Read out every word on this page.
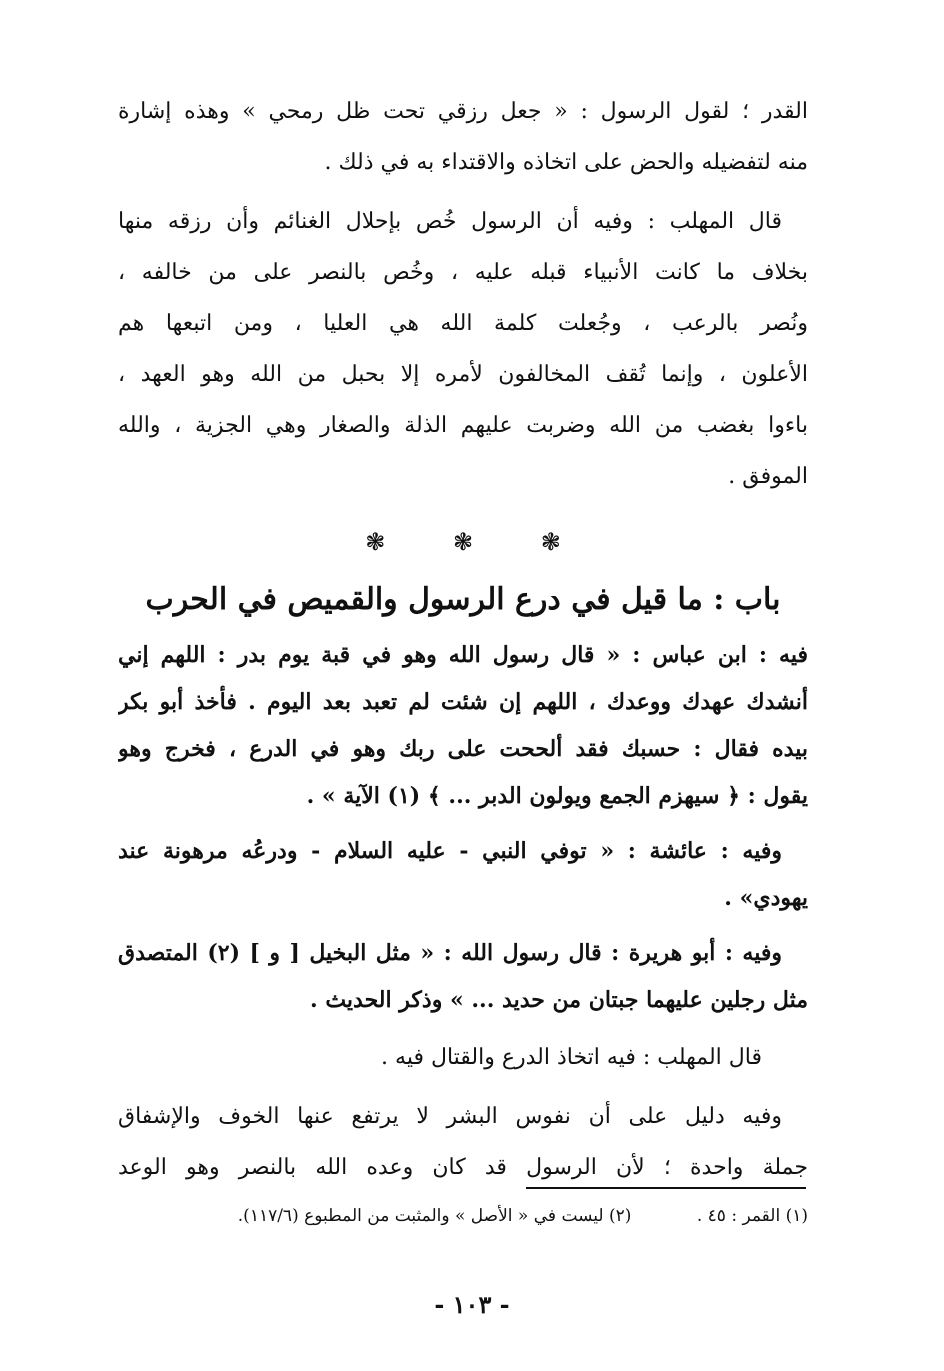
القدر ؛ لقول الرسول : « جعل رزقي تحت ظل رمحي » وهذه إشارة
منه لتفضيله والحض على اتخاذه والاقتداء به في ذلك .

قال المهلب : وفيه أن الرسول خُص بإحلال الغنائم وأن رزقه منها
بخلاف ما كانت الأنبياء قبله عليه ، وخُص بالنصر على من خالفه ،
ونُصر بالرعب ، وجُعلت كلمة الله هي العليا ، ومن اتبعها هم
الأعلون ، وإنما تُقف المخالفون لأمره إلا بحبل من الله وهو العهد ،
باءوا بغضب من الله وضربت عليهم الذلة والصغار وهي الجزية ، والله
الموفق .

❃ ❃ ❃
باب : ما قيل في درع الرسول والقميص في الحرب

فيه : ابن عباس : « قال رسول الله وهو في قبة يوم بدر : اللهم إني
أنشدك عهدك ووعدك ، اللهم إن شئت لم تعبد بعد اليوم . فأخذ أبو بكر
بيده فقال : حسبك فقد ألححت على ربك وهو في الدرع ، فخرج وهو
يقول : ﴿ سيهزم الجمع ويولون الدبر ... ﴾ (١) الآية » .

وفيه : عائشة : « توفي النبي - عليه السلام - ودرعُه مرهونة عند
يهودي» .

وفيه : أبو هريرة : قال رسول الله : « مثل البخيل [ و ] (٢) المتصدق
مثل رجلين عليهما جبتان من حديد ... » وذكر الحديث .

قال المهلب : فيه اتخاذ الدرع والقتال فيه .

وفيه دليل على أن نفوس البشر لا يرتفع عنها الخوف والإشفاق
جملة واحدة ؛ لأن الرسول قد كان وعده الله بالنصر وهو الوعد

(١) القمر : ٤٥ . (٢) ليست في « الأصل » والمثبت من المطبوع (١١٧/٦).
- ١٠٣ -
